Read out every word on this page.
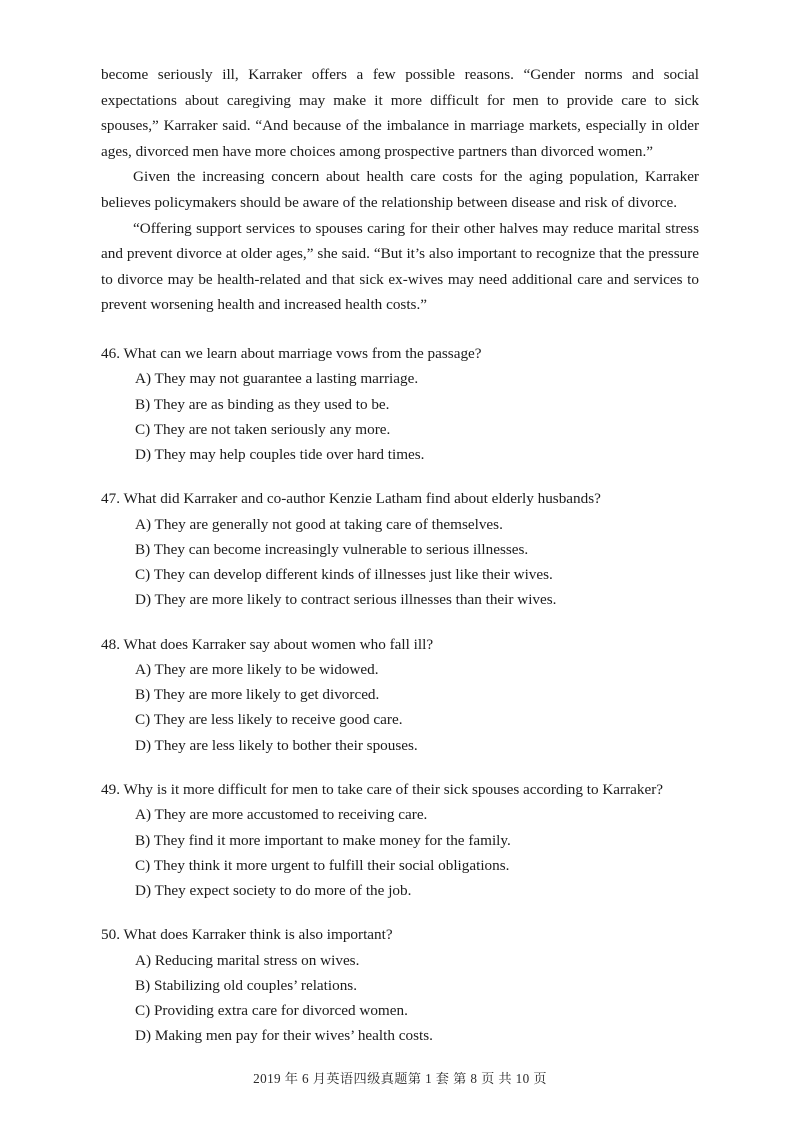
become seriously ill, Karraker offers a few possible reasons. “Gender norms and social expectations about caregiving may make it more difficult for men to provide care to sick spouses,” Karraker said. “And because of the imbalance in marriage markets, especially in older ages, divorced men have more choices among prospective partners than divorced women.”

Given the increasing concern about health care costs for the aging population, Karraker believes policymakers should be aware of the relationship between disease and risk of divorce.

“Offering support services to spouses caring for their other halves may reduce marital stress and prevent divorce at older ages,” she said. “But it’s also important to recognize that the pressure to divorce may be health-related and that sick ex-wives may need additional care and services to prevent worsening health and increased health costs.”

46. What can we learn about marriage vows from the passage?

A) They may not guarantee a lasting marriage.

B) They are as binding as they used to be.

C) They are not taken seriously any more.

D) They may help couples tide over hard times.

47. What did Karraker and co-author Kenzie Latham find about elderly husbands?

A) They are generally not good at taking care of themselves.

B) They can become increasingly vulnerable to serious illnesses.

C) They can develop different kinds of illnesses just like their wives.

D) They are more likely to contract serious illnesses than their wives.

48. What does Karraker say about women who fall ill?

A) They are more likely to be widowed.

B) They are more likely to get divorced.

C) They are less likely to receive good care.

D) They are less likely to bother their spouses.

49. Why is it more difficult for men to take care of their sick spouses according to Karraker?

A) They are more accustomed to receiving care.

B) They find it more important to make money for the family.

C) They think it more urgent to fulfill their social obligations.

D) They expect society to do more of the job.

50. What does Karraker think is also important?

A) Reducing marital stress on wives.

B) Stabilizing old couples’ relations.

C) Providing extra care for divorced women.

D) Making men pay for their wives’ health costs.

2019 年 6 月英语四级真题第 1 套 第 8 页 共 10 页
